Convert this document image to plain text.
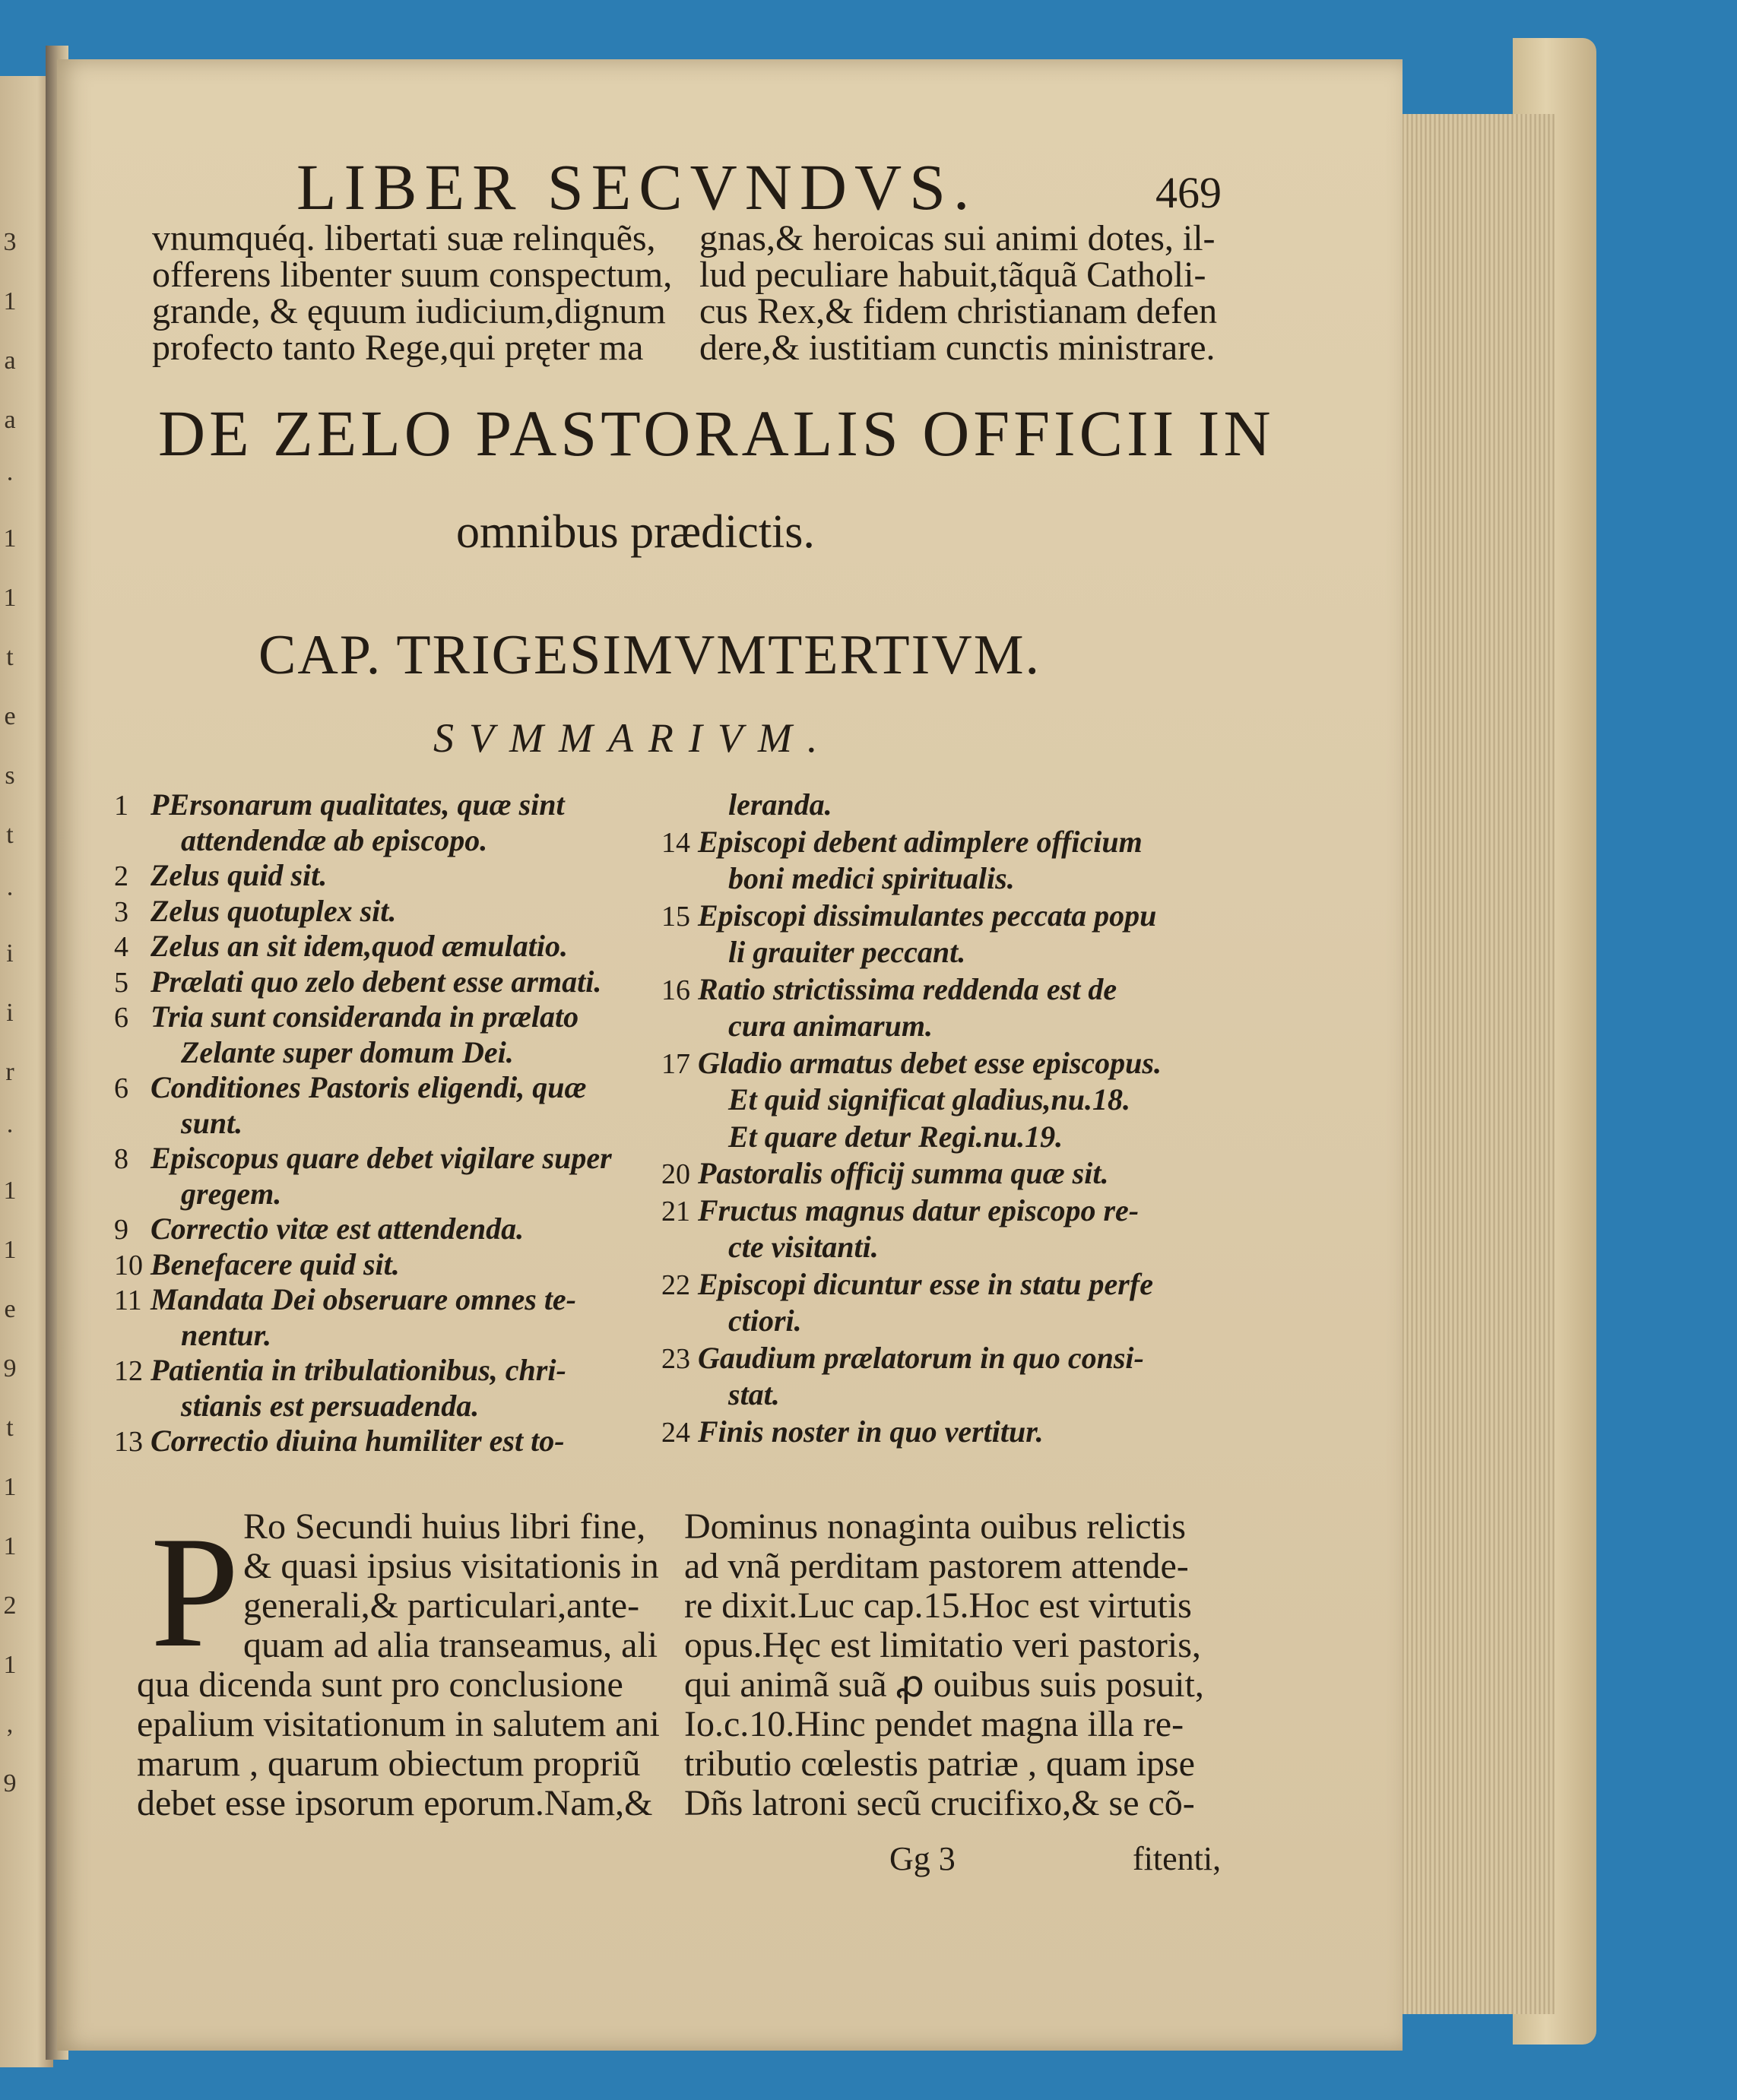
3
1
a
a
·
1
1
t
e
s
t
·
i
i
r
·
1
1
e
9
t
1
1
2
1
,
9
LIBER SECVNDVS.	469
vnumquéq. libertati suæ relinquẽs,
offerens libenter suum conspectum,
grande, & ęquum iudicium,dignum
profecto tanto Rege,qui pręter ma
gnas,& heroicas sui animi dotes, il-
lud peculiare habuit,tãquã Catholi-
cus Rex,& fidem christianam defen
dere,& iustitiam cunctis ministrare.
DE ZELO PASTORALIS OFFICII IN
omnibus prædictis.
CAP. TRIGESIMVMTERTIVM.
SVMMARIVM.
1 PErsonarum qualitates, quæ sint
attendendæ ab episcopo.
2 Zelus quid sit.
3 Zelus quotuplex sit.
4 Zelus an sit idem,quod æmulatio.
5 Prælati quo zelo debent esse armati.
6 Tria sunt consideranda in prælato
Zelante super domum Dei.
6 Conditiones Pastoris eligendi, quæ
sunt.
8 Episcopus quare debet vigilare super
gregem.
9 Correctio vitæ est attendenda.
10 Benefacere quid sit.
11 Mandata Dei obseruare omnes te-
nentur.
12 Patientia in tribulationibus, chri-
stianis est persuadenda.
13 Correctio diuina humiliter est to-
leranda.
14 Episcopi debent adimplere officium
boni medici spiritualis.
15 Episcopi dissimulantes peccata popu
li grauiter peccant.
16 Ratio strictissima reddenda est de
cura animarum.
17 Gladio armatus debet esse episcopus.
Et quid significat gladius,nu.18.
Et quare detur Regi.nu.19.
20 Pastoralis officij summa quæ sit.
21 Fructus magnus datur episcopo re-
cte visitanti.
22 Episcopi dicuntur esse in statu perfe
ctiori.
23 Gaudium prælatorum in quo consi-
stat.
24 Finis noster in quo vertitur.
P Ro Secundi huius libri fine,
& quasi ipsius visitationis in
generali,& particulari,ante-
quam ad alia transeamus, ali
qua dicenda sunt pro conclusione
epalium visitationum in salutem ani
marum , quarum obiectum propriũ
debet esse ipsorum eporum.Nam,&
Dominus nonaginta ouibus relictis
ad vnã perditam pastorem attende-
re dixit.Luc cap.15.Hoc est virtutis
opus.Hęc est limitatio veri pastoris,
qui animã suã ꝓ ouibus suis posuit,
Io.c.10.Hinc pendet magna illa re-
tributio cœlestis patriæ , quam ipse
Dñs latroni secũ crucifixo,& se cõ-
fitenti,
Gg 3
